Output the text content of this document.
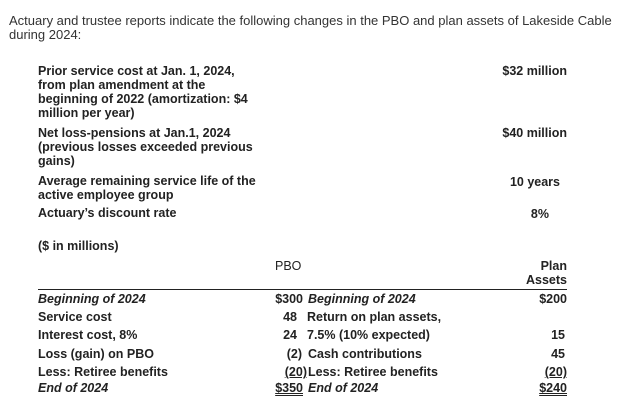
Actuary and trustee reports indicate the following changes in the PBO and plan assets of Lakeside Cable during 2024:
Prior service cost at Jan. 1, 2024, from plan amendment at the beginning of 2022 (amortization: $4 million per year)
$32 million
Net loss-pensions at Jan.1, 2024 (previous losses exceeded previous gains)
$40 million
Average remaining service life of the active employee group
10 years
Actuary’s discount rate	8%
($ in millions)
PBO	Plan
Assets
Beginning of 2024
Service cost
Interest cost, 8%
Loss (gain) on PBO
Less: Retiree benefits
End of 2024
$300
48
24
(2)
(20)
$350
Beginning of 2024
Return on plan assets,
7.5% (10% expected)
Cash contributions
Less: Retiree benefits
End of 2024
$200
15
45
(20)
$240
